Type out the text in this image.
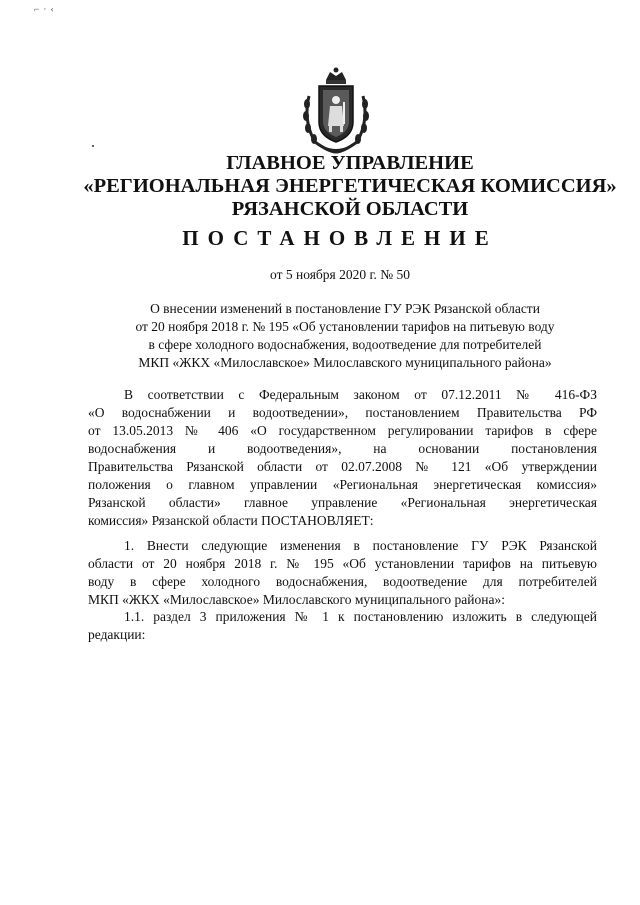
⌐ · ‹
ГЛАВНОЕ УПРАВЛЕНИЕ
«РЕГИОНАЛЬНАЯ ЭНЕРГЕТИЧЕСКАЯ КОМИССИЯ»
РЯЗАНСКОЙ ОБЛАСТИ
ПОСТАНОВЛЕНИЕ
от 5 ноября 2020 г. № 50
О внесении изменений в постановление ГУ РЭК Рязанской области
от 20 ноября 2018 г. № 195 «Об установлении тарифов на питьевую воду
в сфере холодного водоснабжения, водоотведение для потребителей
МКП «ЖКХ «Милославское» Милославского муниципального района»
В соответствии с Федеральным законом от 07.12.2011 № 416-ФЗ
«О водоснабжении и водоотведении», постановлением Правительства РФ
от 13.05.2013 № 406 «О государственном регулировании тарифов в сфере
водоснабжения и водоотведения», на основании постановления
Правительства Рязанской области от 02.07.2008 № 121 «Об утверждении
положения о главном управлении «Региональная энергетическая комиссия»
Рязанской области» главное управление «Региональная энергетическая
комиссия» Рязанской области ПОСТАНОВЛЯЕТ:
1. Внести следующие изменения в постановление ГУ РЭК Рязанской
области от 20 ноября 2018 г. № 195 «Об установлении тарифов на питьевую
воду в сфере холодного водоснабжения, водоотведение для потребителей
МКП «ЖКХ «Милославское» Милославского муниципального района»:
1.1. раздел 3 приложения № 1 к постановлению изложить в следующей
редакции:
